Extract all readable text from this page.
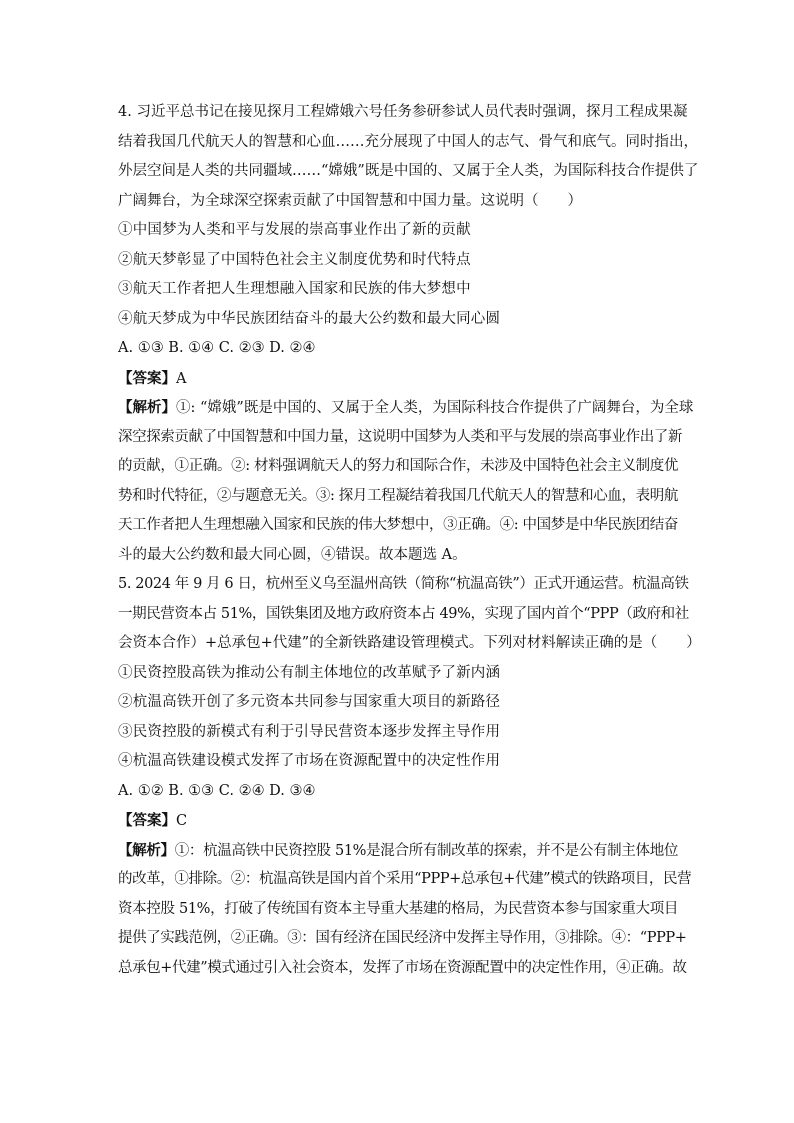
4. 习近平总书记在接见探月工程嫦娥六号任务参研参试人员代表时强调，探月工程成果凝
结着我国几代航天人的智慧和心血……充分展现了中国人的志气、骨气和底气。同时指出，
外层空间是人类的共同疆域……“嫦娥”既是中国的、又属于全人类，为国际科技合作提供了
广阔舞台，为全球深空探索贡献了中国智慧和中国力量。这说明（　　）
①中国梦为人类和平与发展的崇高事业作出了新的贡献
②航天梦彰显了中国特色社会主义制度优势和时代特点
③航天工作者把人生理想融入国家和民族的伟大梦想中
④航天梦成为中华民族团结奋斗的最大公约数和最大同心圆
A. ①③ B. ①④ C. ②③ D. ②④
【答案】A
【解析】①: “嫦娥”既是中国的、又属于全人类，为国际科技合作提供了广阔舞台，为全球
深空探索贡献了中国智慧和中国力量，这说明中国梦为人类和平与发展的崇高事业作出了新
的贡献，①正确。②: 材料强调航天人的努力和国际合作，未涉及中国特色社会主义制度优
势和时代特征，②与题意无关。③: 探月工程凝结着我国几代航天人的智慧和心血，表明航
天工作者把人生理想融入国家和民族的伟大梦想中，③正确。④: 中国梦是中华民族团结奋
斗的最大公约数和最大同心圆，④错误。故本题选 A。
5. 2024 年 9 月 6 日，杭州至义乌至温州高铁（简称“杭温高铁”）正式开通运营。杭温高铁
一期民营资本占 51%，国铁集团及地方政府资本占 49%，实现了国内首个“PPP（政府和社
会资本合作）+总承包+代建”的全新铁路建设管理模式。下列对材料解读正确的是（　　）
①民资控股高铁为推动公有制主体地位的改革赋予了新内涵
②杭温高铁开创了多元资本共同参与国家重大项目的新路径
③民资控股的新模式有利于引导民营资本逐步发挥主导作用
④杭温高铁建设模式发挥了市场在资源配置中的决定性作用
A. ①② B. ①③ C. ②④ D. ③④
【答案】C
【解析】①：杭温高铁中民资控股 51%是混合所有制改革的探索，并不是公有制主体地位
的改革，①排除。②：杭温高铁是国内首个采用“PPP+总承包+代建”模式的铁路项目，民营
资本控股 51%，打破了传统国有资本主导重大基建的格局，为民营资本参与国家重大项目
提供了实践范例，②正确。③：国有经济在国民经济中发挥主导作用，③排除。④：“PPP+
总承包+代建”模式通过引入社会资本，发挥了市场在资源配置中的决定性作用，④正确。故
